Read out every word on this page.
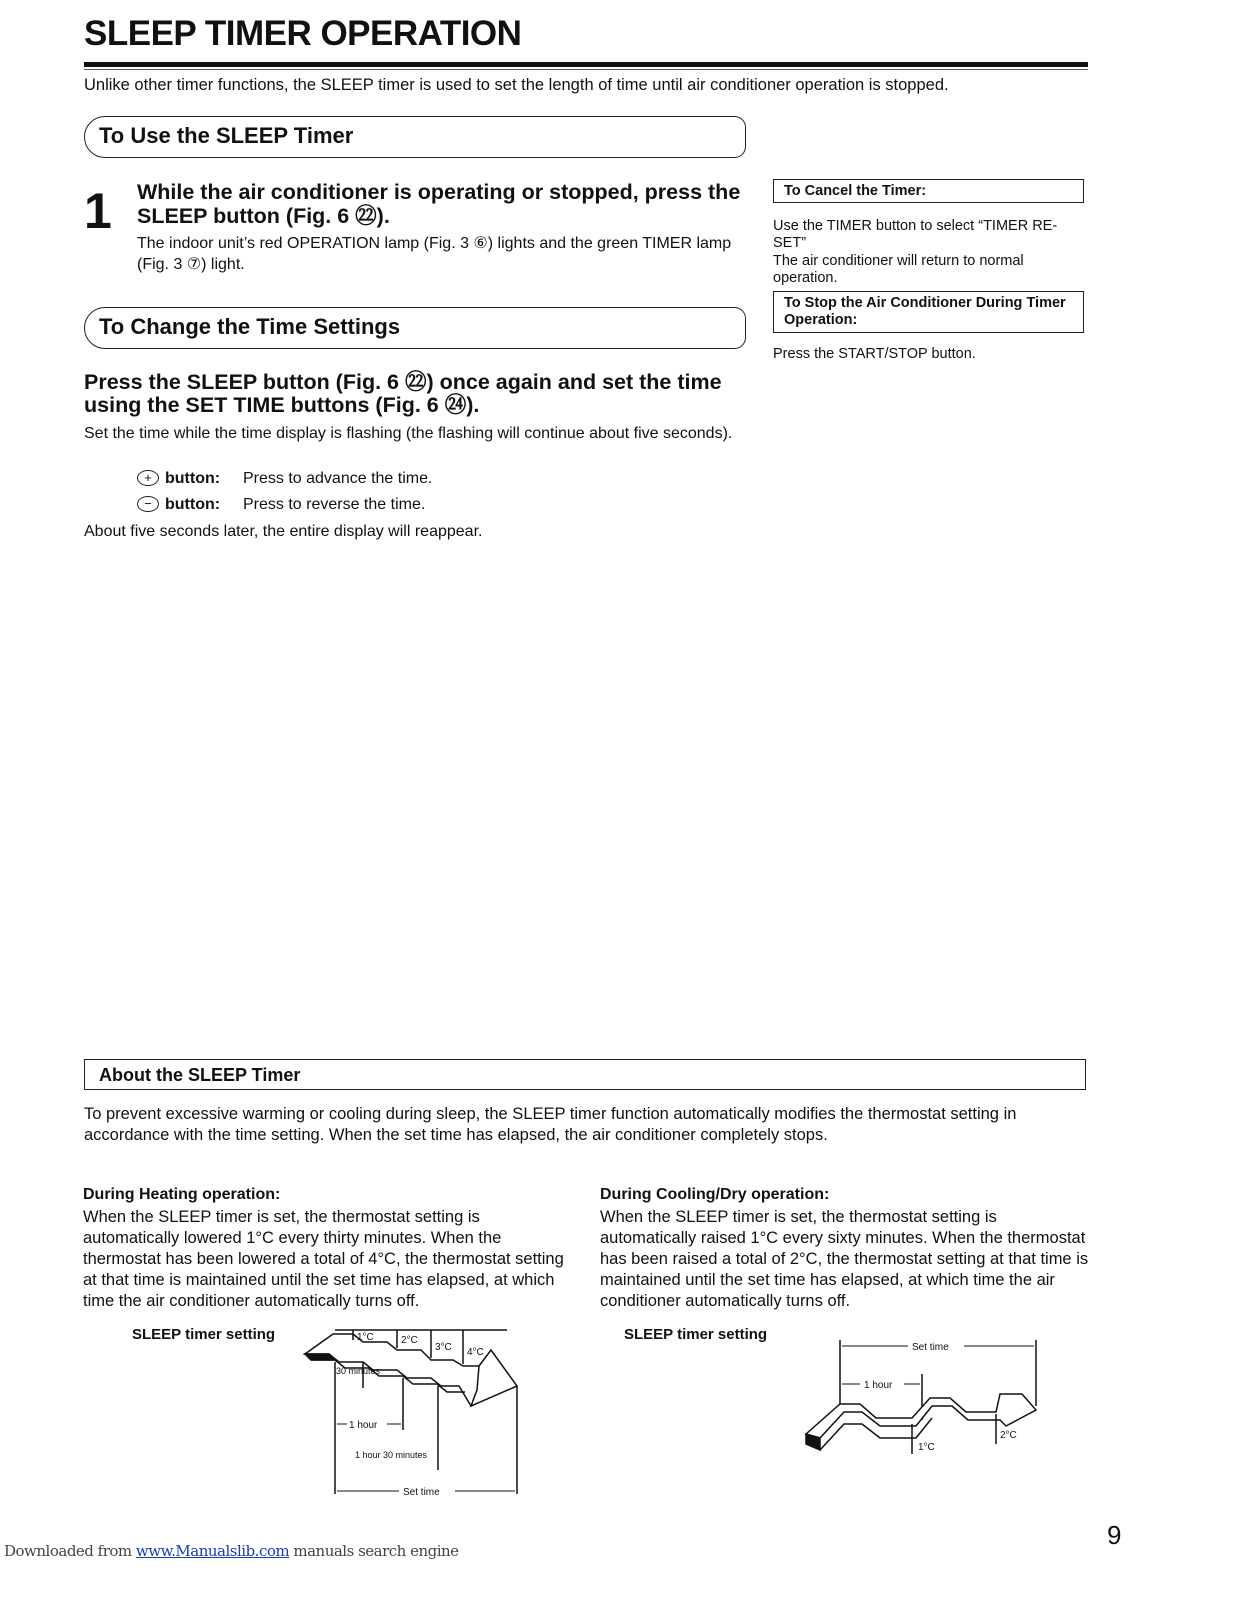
SLEEP TIMER OPERATION
Unlike other timer functions, the SLEEP timer is used to set the length of time until air conditioner operation is stopped.
To Use the SLEEP Timer
1 While the air conditioner is operating or stopped, press the SLEEP button (Fig. 6 ㉒).
The indoor unit’s red OPERATION lamp (Fig. 3 ⑥) lights and the green TIMER lamp (Fig. 3 ⑦) light.
To Change the Time Settings
Press the SLEEP button (Fig. 6 ㉒) once again and set the time using the SET TIME buttons (Fig. 6 ㉔).
Set the time while the time display is flashing (the flashing will continue about five seconds).
+ button: Press to advance the time.
− button: Press to reverse the time.
About five seconds later, the entire display will reappear.
To Cancel the Timer:
Use the TIMER button to select “TIMER RE-SET”
The air conditioner will return to normal operation.
To Stop the Air Conditioner During Timer Operation:
Press the START/STOP button.
About the SLEEP Timer
To prevent excessive warming or cooling during sleep, the SLEEP timer function automatically modifies the thermostat setting in accordance with the time setting. When the set time has elapsed, the air conditioner completely stops.
During Heating operation:
When the SLEEP timer is set, the thermostat setting is automatically lowered 1°C every thirty minutes. When the thermostat has been lowered a total of 4°C, the thermostat setting at that time is maintained until the set time has elapsed, at which time the air conditioner automatically turns off.
SLEEP timer setting	1°C	2°C
3°C 4°C
30 minutes
1 hour
1 hour 30 minutes
Set time
During Cooling/Dry operation:
When the SLEEP timer is set, the thermostat setting is automatically raised 1°C every sixty minutes. When the thermostat has been raised a total of 2°C, the thermostat setting at that time is maintained until the set time has elapsed, at which time the air conditioner automatically turns off.
SLEEP timer setting
Set time
1 hour
1°C
2°C
9
Downloaded from www.Manualslib.com manuals search engine
